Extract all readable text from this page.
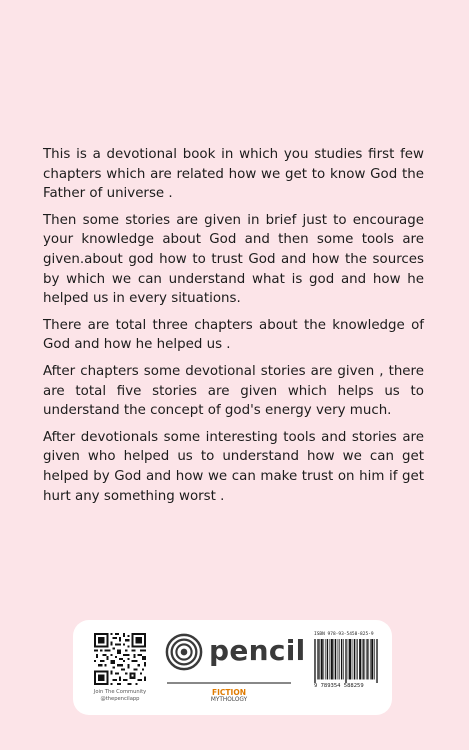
This is a devotional book in which you studies first few chapters which are related how we get to know God the Father of universe .

Then some stories are given in brief just to encourage your knowledge about God and then some tools are given.about god how to trust God and how the sources by which we can understand what is god and how he helped us in every situations.

There are total three chapters about the knowledge of God and how he helped us .

After chapters some devotional stories are given , there are total five stories are given which helps us to understand the concept of god's energy very much.

After devotionals some interesting tools and stories are given who helped us to understand how we can get helped by God and how we can make trust on him if get hurt any something worst .

Join The Community
@thepencilapp
pencil
FICTION
MYTHOLOGY
ISBN 978-93-5458-825-9
9 789354 588259
